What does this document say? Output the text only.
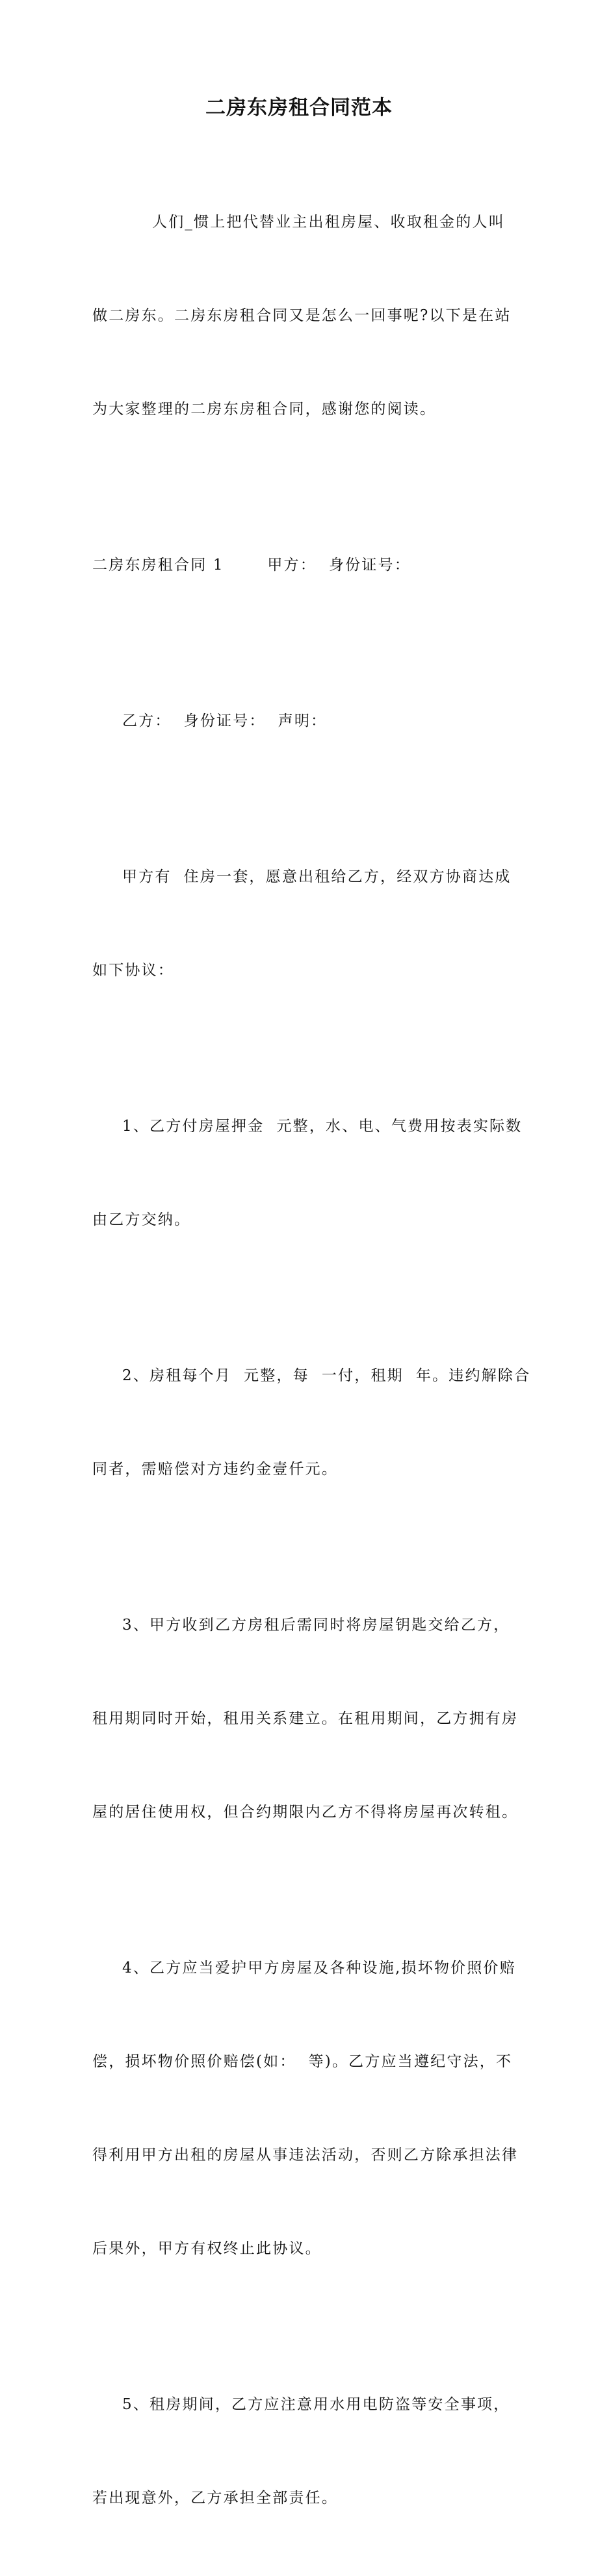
二房东房租合同范本

人们_惯上把代替业主出租房屋、收取租金的人叫

做二房东。二房东房租合同又是怎么一回事呢?以下是在站

为大家整理的二房东房租合同，感谢您的阅读。

二房东房租合同 1       甲方：  身份证号：

乙方：  身份证号：  声明：

甲方有  住房一套，愿意出租给乙方，经双方协商达成

如下协议：

1、乙方付房屋押金  元整，水、电、气费用按表实际数

由乙方交纳。

2、房租每个月  元整，每  一付，租期  年。违约解除合

同者，需赔偿对方违约金壹仟元。

3、甲方收到乙方房租后需同时将房屋钥匙交给乙方，

租用期同时开始，租用关系建立。在租用期间，乙方拥有房

屋的居住使用权，但合约期限内乙方不得将房屋再次转租。

4、乙方应当爱护甲方房屋及各种设施,损坏物价照价赔

偿，损坏物价照价赔偿(如：  等)。乙方应当遵纪守法，不

得利用甲方出租的房屋从事违法活动，否则乙方除承担法律

后果外，甲方有权终止此协议。

5、租房期间，乙方应注意用水用电防盗等安全事项，

若出现意外，乙方承担全部责任。
